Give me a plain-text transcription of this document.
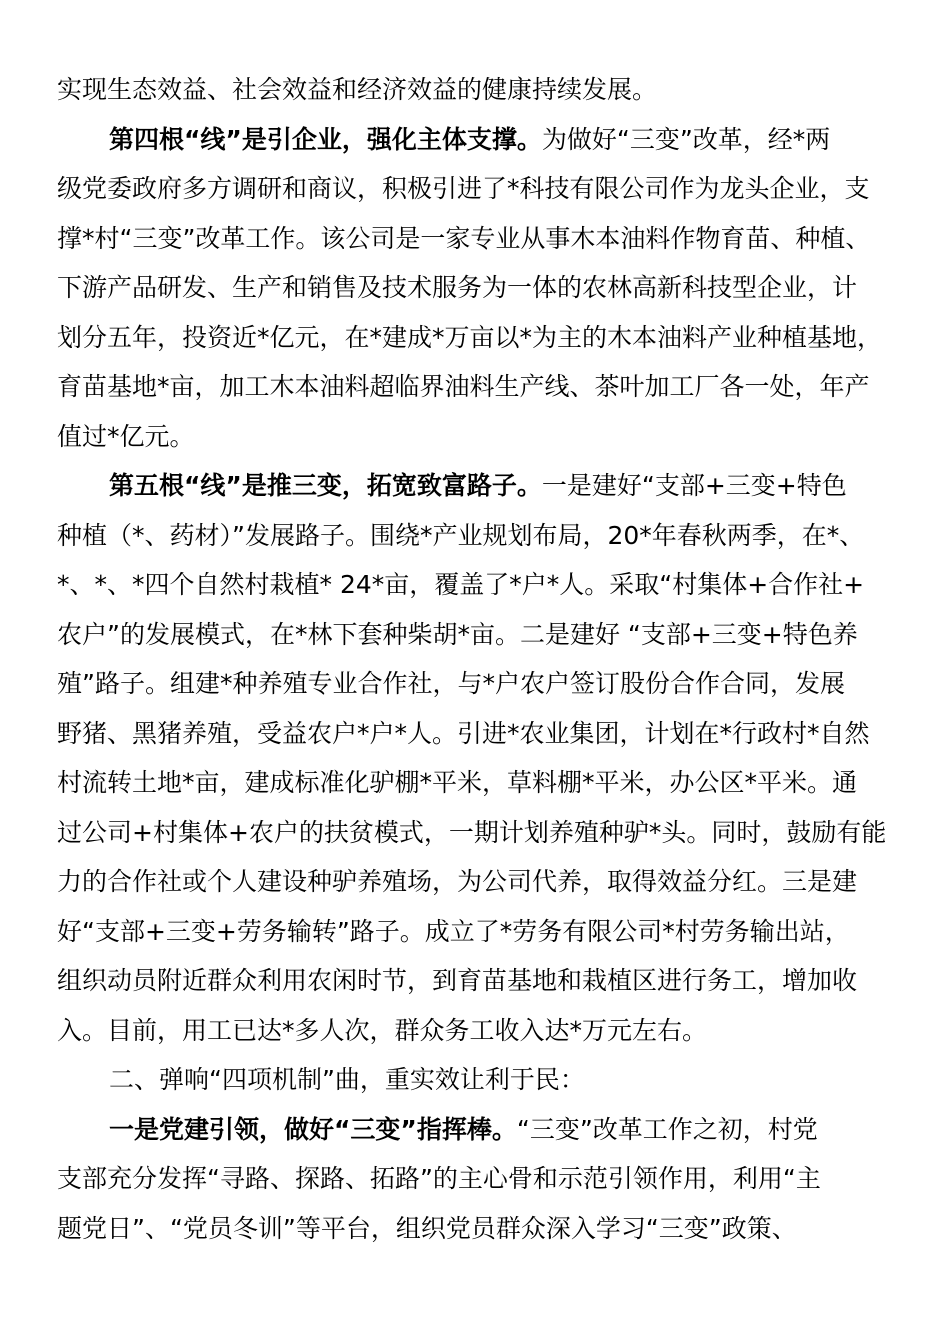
实现生态效益、社会效益和经济效益的健康持续发展。
第四根“线”是引企业，强化主体支撑。为做好“三变”改革，经*两
级党委政府多方调研和商议，积极引进了*科技有限公司作为龙头企业，支
撑*村“三变”改革工作。该公司是一家专业从事木本油料作物育苗、种植、
下游产品研发、生产和销售及技术服务为一体的农林高新科技型企业，计
划分五年，投资近*亿元，在*建成*万亩以*为主的木本油料产业种植基地，
育苗基地*亩，加工木本油料超临界油料生产线、茶叶加工厂各一处，年产
值过*亿元。
第五根“线”是推三变，拓宽致富路子。一是建好“支部+三变+特色
种植（*、药材）”发展路子。围绕*产业规划布局，20*年春秋两季，在*、
*、*、*四个自然村栽植* 24*亩，覆盖了*户*人。采取“村集体+合作社+
农户”的发展模式，在*林下套种柴胡*亩。二是建好 “支部+三变+特色养
殖”路子。组建*种养殖专业合作社，与*户农户签订股份合作合同，发展
野猪、黑猪养殖，受益农户*户*人。引进*农业集团，计划在*行政村*自然
村流转土地*亩，建成标准化驴棚*平米，草料棚*平米，办公区*平米。通
过公司+村集体+农户的扶贫模式，一期计划养殖种驴*头。同时，鼓励有能
力的合作社或个人建设种驴养殖场，为公司代养，取得效益分红。三是建
好“支部+三变+劳务输转”路子。成立了*劳务有限公司*村劳务输出站，
组织动员附近群众利用农闲时节，到育苗基地和栽植区进行务工，增加收
入。目前，用工已达*多人次，群众务工收入达*万元左右。
二、弹响“四项机制”曲，重实效让利于民：
一是党建引领，做好“三变”指挥棒。“三变”改革工作之初，村党
支部充分发挥“寻路、探路、拓路”的主心骨和示范引领作用，利用“主
题党日”、“党员冬训”等平台，组织党员群众深入学习“三变”政策、
